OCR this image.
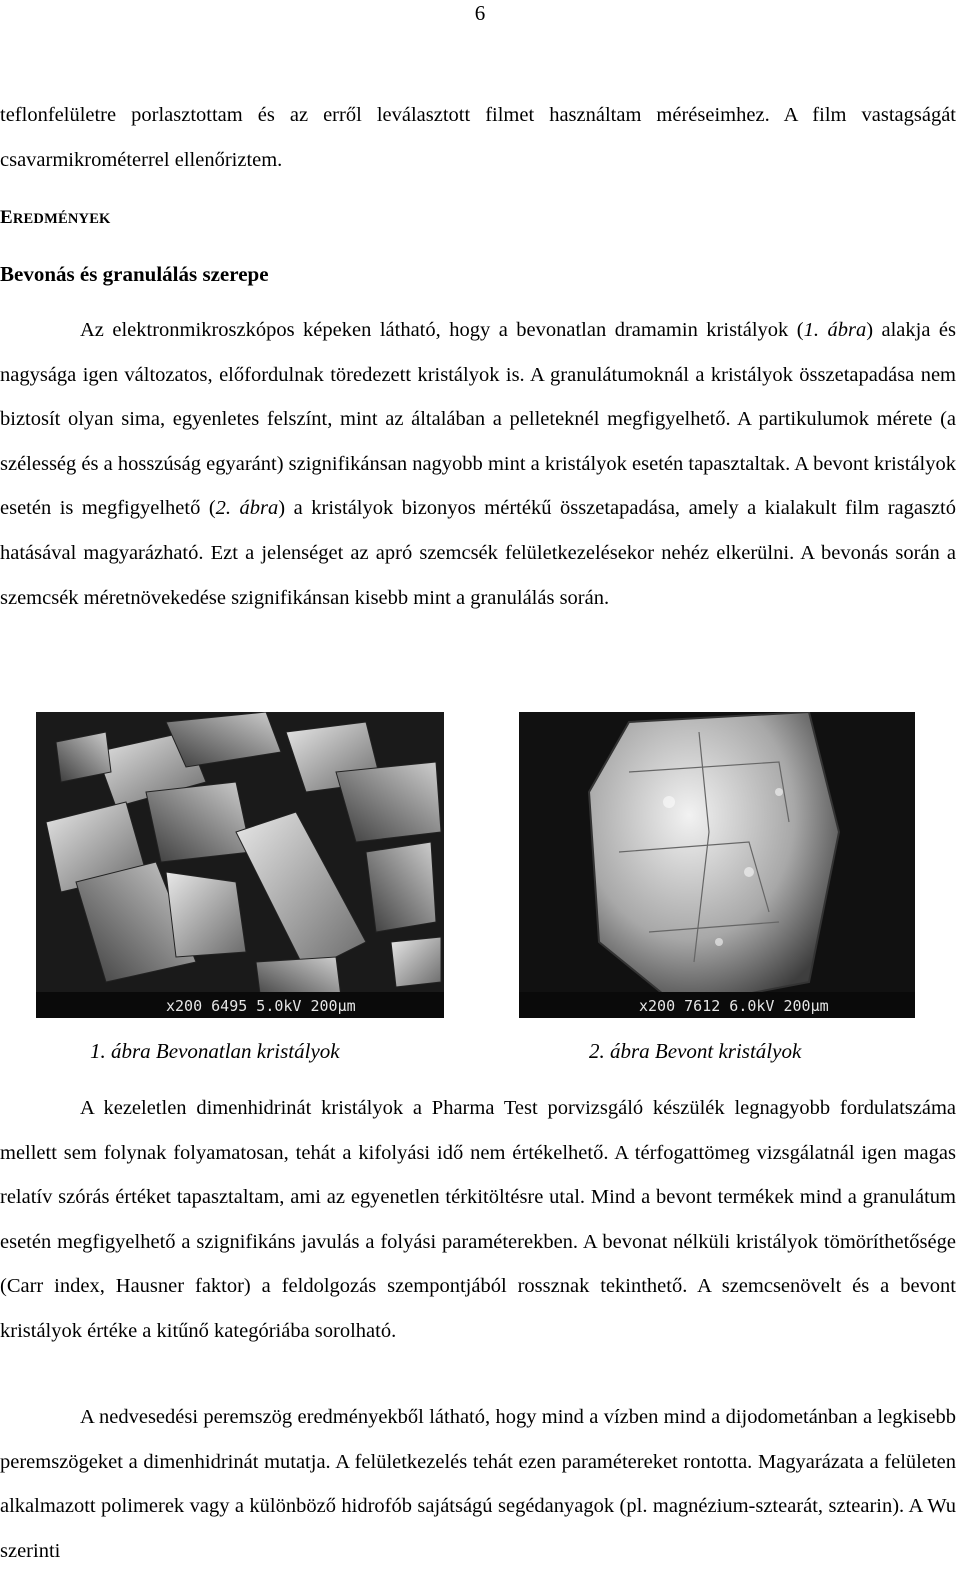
6

teflonfelületre porlasztottam és az erről leválasztott filmet használtam méréseimhez. A film vastagságát csavarmikrométerrel ellenőriztem.

EREDMÉNYEK
Bevonás és granulálás szerepe

Az elektronmikroszkópos képeken látható, hogy a bevonatlan dramamin kristályok (1. ábra) alakja és nagysága igen változatos, előfordulnak töredezett kristályok is. A granulátumoknál a kristályok összetapadása nem biztosít olyan sima, egyenletes felszínt, mint az általában a pelleteknél megfigyelhető. A partikulumok mérete (a szélesség és a hosszúság egyaránt) szignifikánsan nagyobb mint a kristályok esetén tapasztaltak. A bevont kristályok esetén is megfigyelhető (2. ábra) a kristályok bizonyos mértékű összetapadása, amely a kialakult film ragasztó hatásával magyarázható. Ezt a jelenséget az apró szemcsék felületkezelésekor nehéz elkerülni. A bevonás során a szemcsék méretnövekedése szignifikánsan kisebb mint a granulálás során.

x200 6495 5.0kV 200µm	x200 7612 6.0kV 200µm
1. ábra Bevonatlan kristályok	2. ábra Bevont kristályok

A kezeletlen dimenhidrinát kristályok a Pharma Test porvizsgáló készülék legnagyobb fordulatszáma mellett sem folynak folyamatosan, tehát a kifolyási idő nem értékelhető. A térfogattömeg vizsgálatnál igen magas relatív szórás értéket tapasztaltam, ami az egyenetlen térkitöltésre utal. Mind a bevont termékek mind a granulátum esetén megfigyelhető a szignifikáns javulás a folyási paraméterekben. A bevonat nélküli kristályok tömöríthetősége (Carr index, Hausner faktor) a feldolgozás szempontjából rossznak tekinthető. A szemcsenövelt és a bevont kristályok értéke a kitűnő kategóriába sorolható.

A nedvesedési peremszög eredményekből látható, hogy mind a vízben mind a dijodometánban a legkisebb peremszögeket a dimenhidrinát mutatja. A felületkezelés tehát ezen paramétereket rontotta. Magyarázata a felületen alkalmazott polimerek vagy a különböző hidrofób sajátságú segédanyagok (pl. magnézium-sztearát, sztearin). A Wu szerinti
